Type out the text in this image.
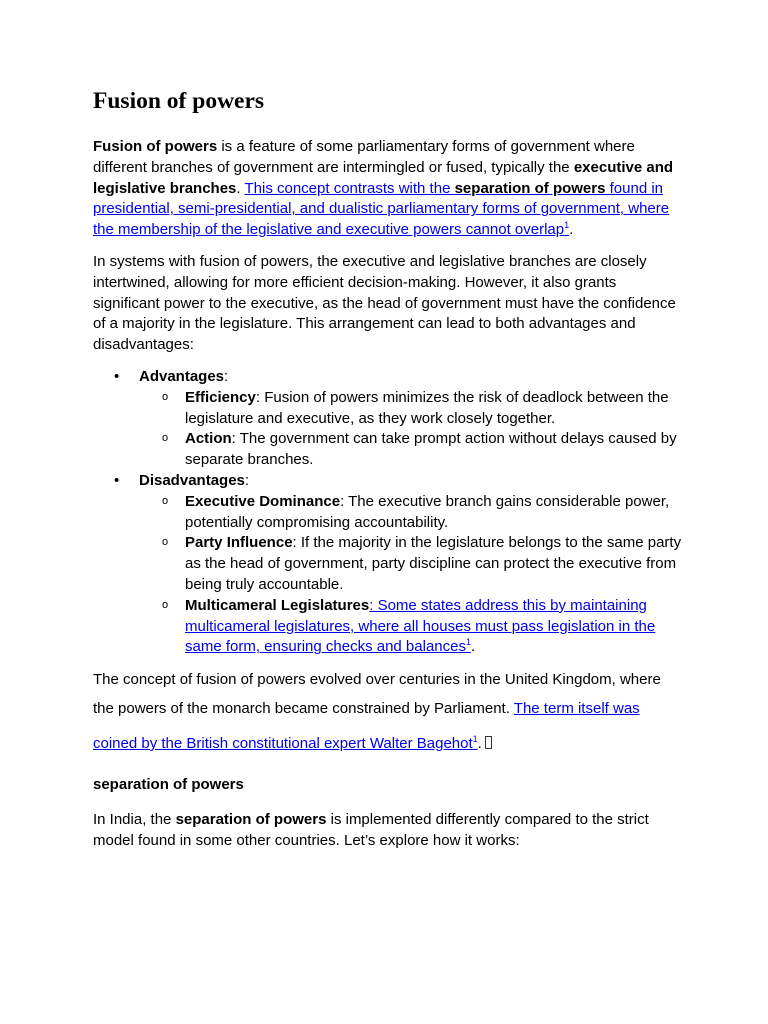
Fusion of powers

Fusion of powers is a feature of some parliamentary forms of government where different branches of government are intermingled or fused, typically the executive and legislative branches. This concept contrasts with the separation of powers found in presidential, semi-presidential, and dualistic parliamentary forms of government, where the membership of the legislative and executive powers cannot overlap$^1$.

In systems with fusion of powers, the executive and legislative branches are closely intertwined, allowing for more efficient decision-making. However, it also grants significant power to the executive, as the head of government must have the confidence of a majority in the legislature. This arrangement can lead to both advantages and disadvantages:

• Advantages:
o Efficiency: Fusion of powers minimizes the risk of deadlock between the legislature and executive, as they work closely together.
o Action: The government can take prompt action without delays caused by separate branches.
• Disadvantages:
o Executive Dominance: The executive branch gains considerable power, potentially compromising accountability.
o Party Influence: If the majority in the legislature belongs to the same party as the head of government, party discipline can protect the executive from being truly accountable.
o Multicameral Legislatures: Some states address this by maintaining multicameral legislatures, where all houses must pass legislation in the same form, ensuring checks and balances$^1$.

The concept of fusion of powers evolved over centuries in the United Kingdom, where the powers of the monarch became constrained by Parliament. The term itself was coined by the British constitutional expert Walter Bagehot$^1$.

separation of powers

In India, the separation of powers is implemented differently compared to the strict model found in some other countries. Let’s explore how it works:
